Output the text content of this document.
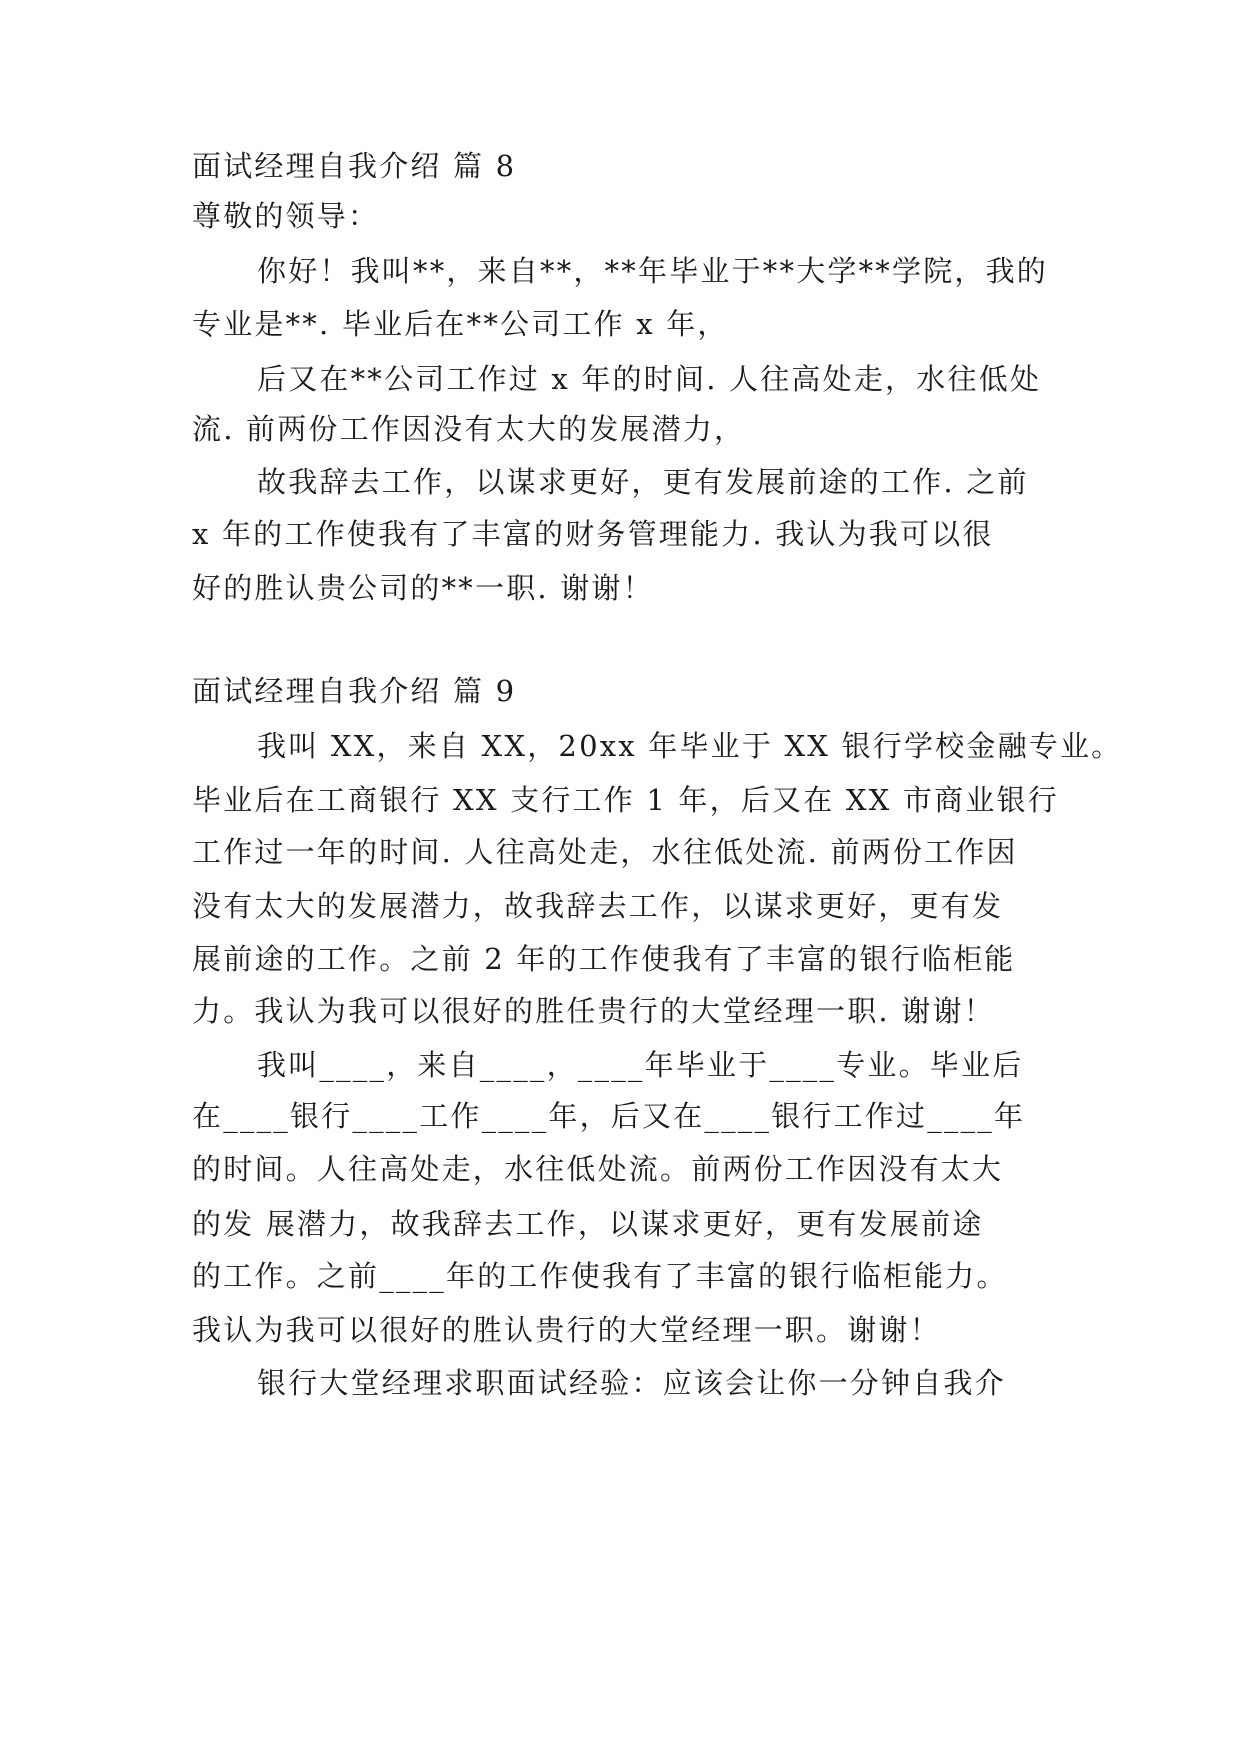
面试经理自我介绍 篇 8
尊敬的领导：
你好！我叫**，来自**，**年毕业于**大学**学院，我的
专业是**. 毕业后在**公司工作 x 年，
后又在**公司工作过 x 年的时间. 人往高处走，水往低处
流. 前两份工作因没有太大的发展潜力，
故我辞去工作，以谋求更好，更有发展前途的工作. 之前
x 年的工作使我有了丰富的财务管理能力. 我认为我可以很
好的胜认贵公司的**一职. 谢谢！
面试经理自我介绍 篇 9
我叫 XX，来自 XX，20xx 年毕业于 XX 银行学校金融专业。
毕业后在工商银行 XX 支行工作 1 年，后又在 XX 市商业银行
工作过一年的时间. 人往高处走，水往低处流. 前两份工作因
没有太大的发展潜力，故我辞去工作，以谋求更好，更有发
展前途的工作。之前 2 年的工作使我有了丰富的银行临柜能
力。我认为我可以很好的胜任贵行的大堂经理一职. 谢谢！
我叫____，来自____，____年毕业于____专业。毕业后
在____银行____工作____年，后又在____银行工作过____年
的时间。人往高处走，水往低处流。前两份工作因没有太大
的发 展潜力，故我辞去工作，以谋求更好，更有发展前途
的工作。之前____年的工作使我有了丰富的银行临柜能力。
我认为我可以很好的胜认贵行的大堂经理一职。谢谢！
银行大堂经理求职面试经验：应该会让你一分钟自我介
